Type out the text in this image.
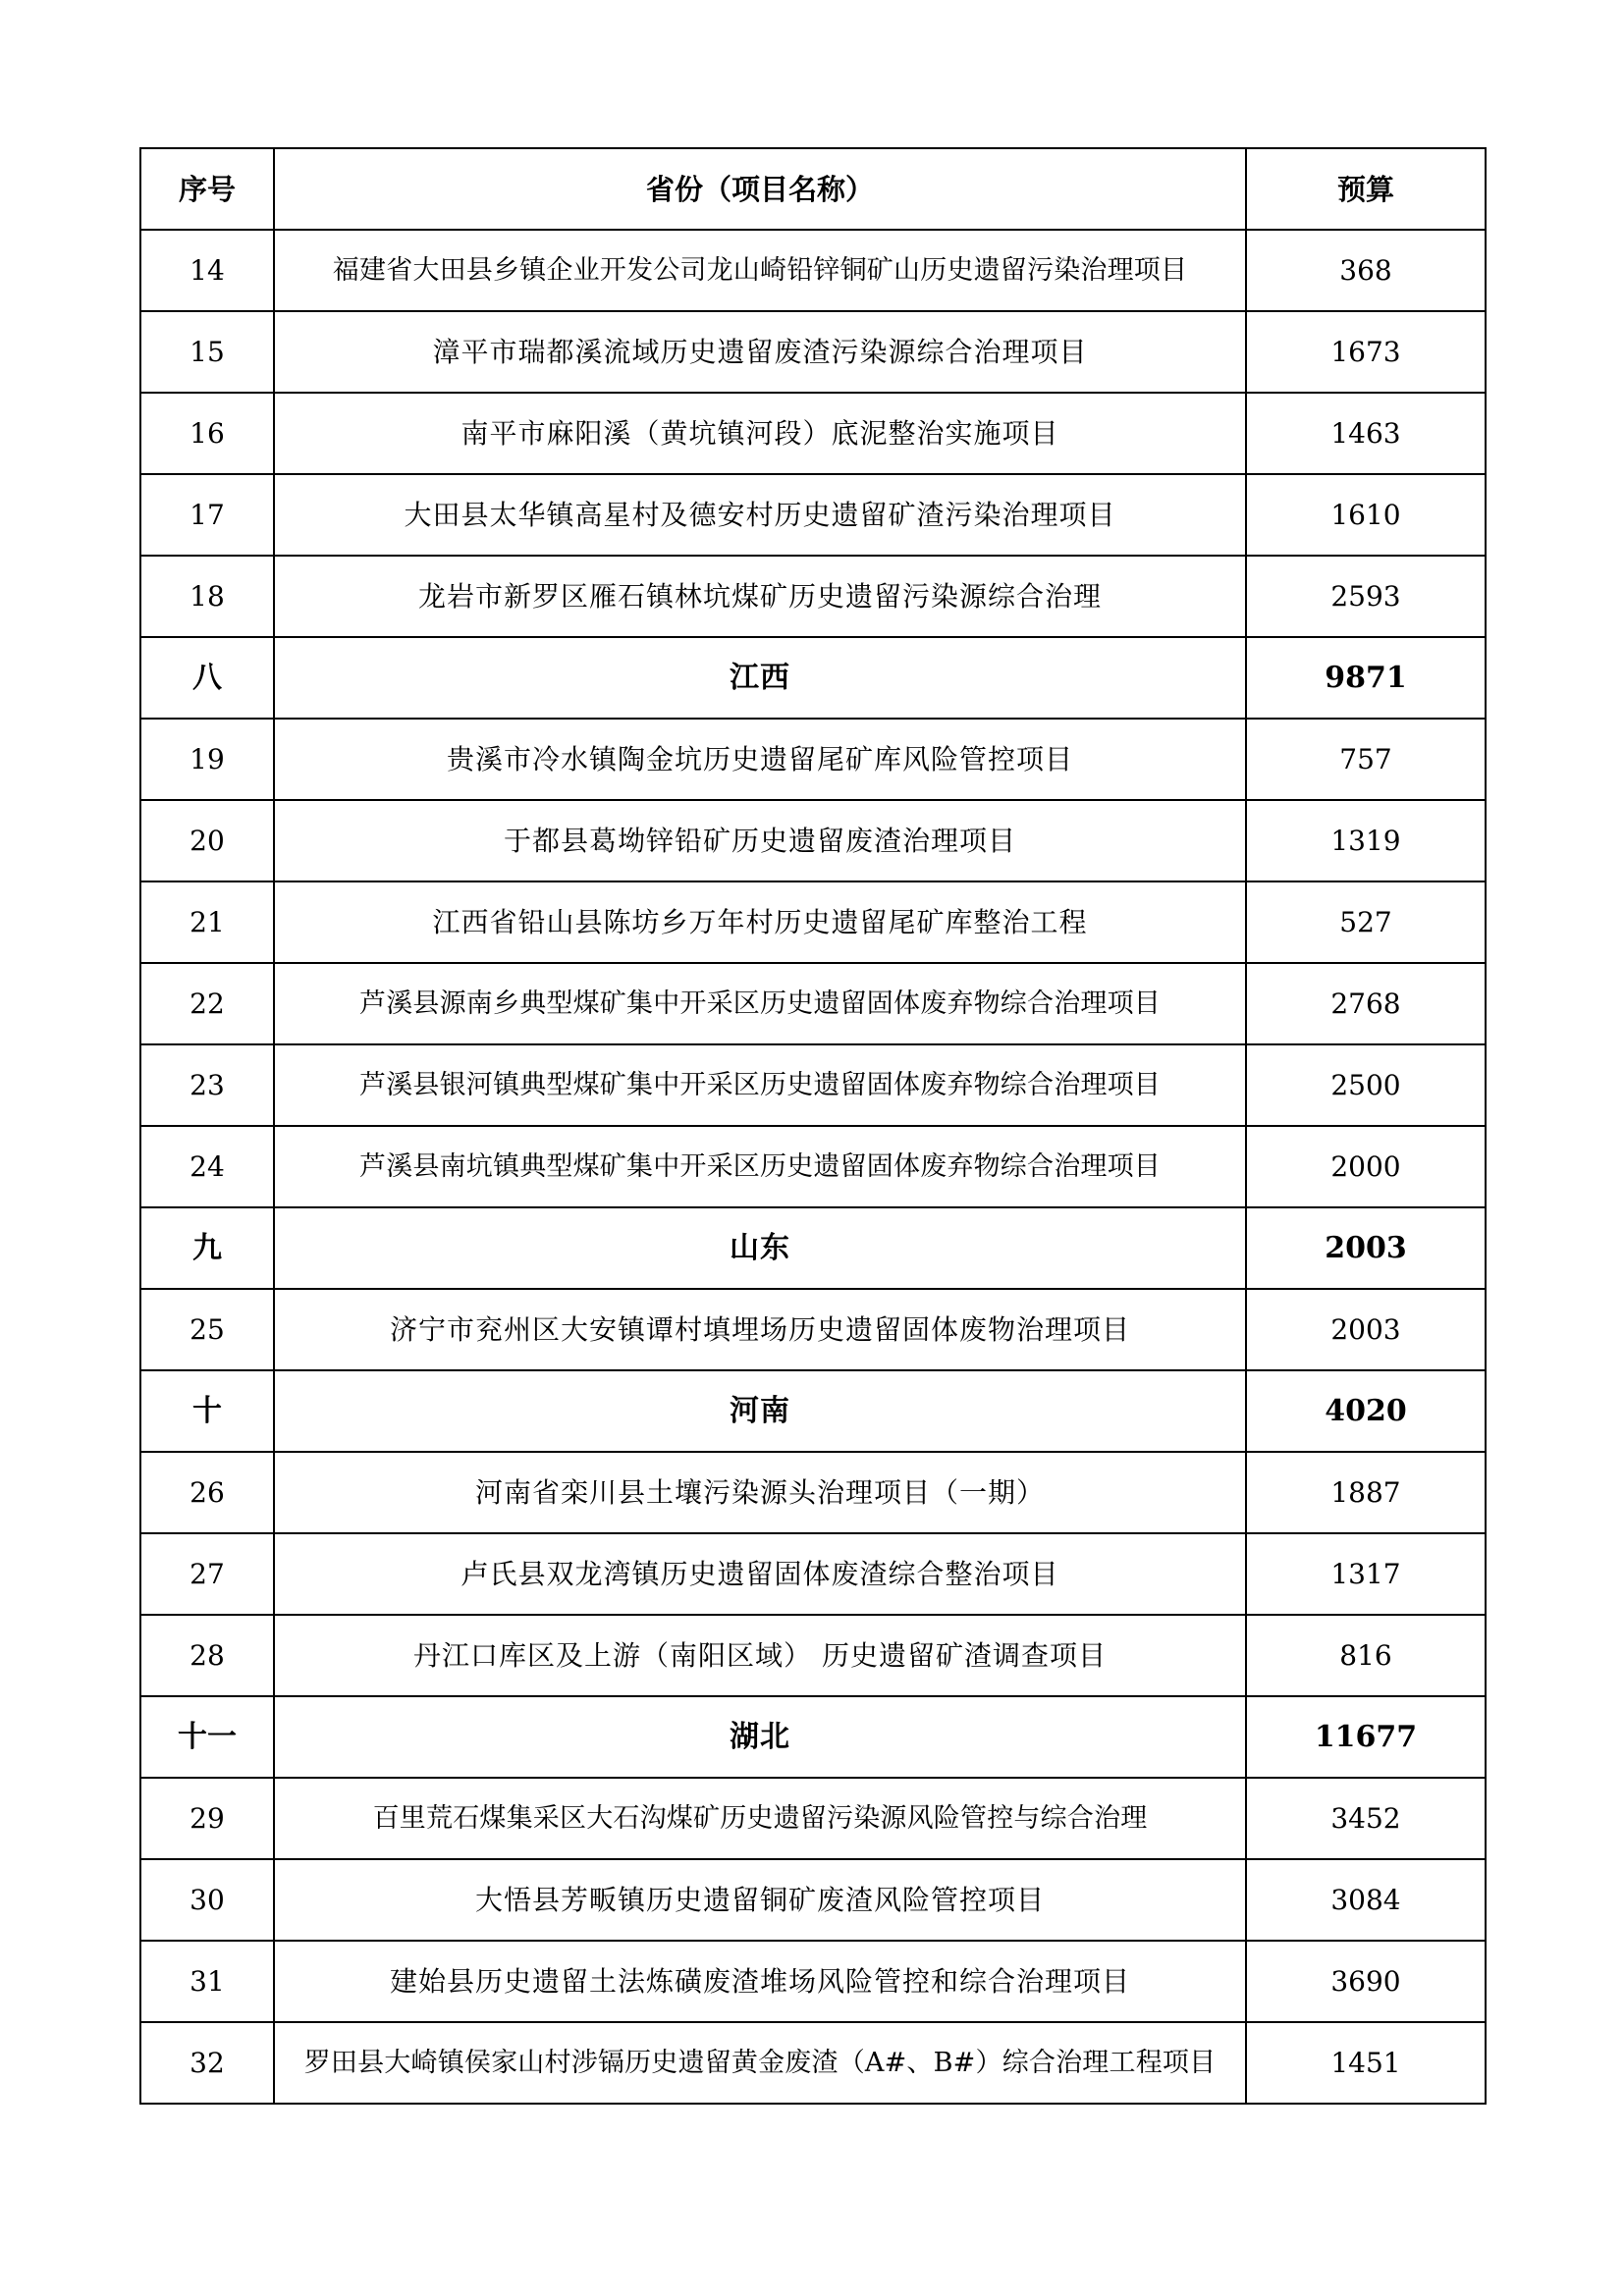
序号	省份（项目名称）	预算
14	福建省大田县乡镇企业开发公司龙山崎铅锌铜矿山历史遗留污染治理项目	368
15	漳平市瑞都溪流域历史遗留废渣污染源综合治理项目	1673
16	南平市麻阳溪（黄坑镇河段）底泥整治实施项目	1463
17	大田县太华镇高星村及德安村历史遗留矿渣污染治理项目	1610
18	龙岩市新罗区雁石镇林坑煤矿历史遗留污染源综合治理	2593
八	江西	9871
19	贵溪市冷水镇陶金坑历史遗留尾矿库风险管控项目	757
20	于都县葛坳锌铅矿历史遗留废渣治理项目	1319
21	江西省铅山县陈坊乡万年村历史遗留尾矿库整治工程	527
22	芦溪县源南乡典型煤矿集中开采区历史遗留固体废弃物综合治理项目	2768
23	芦溪县银河镇典型煤矿集中开采区历史遗留固体废弃物综合治理项目	2500
24	芦溪县南坑镇典型煤矿集中开采区历史遗留固体废弃物综合治理项目	2000
九	山东	2003
25	济宁市兖州区大安镇谭村填埋场历史遗留固体废物治理项目	2003
十	河南	4020
26	河南省栾川县土壤污染源头治理项目（一期）	1887
27	卢氏县双龙湾镇历史遗留固体废渣综合整治项目	1317
28	丹江口库区及上游（南阳区域） 历史遗留矿渣调查项目	816
十一	湖北	11677
29	百里荒石煤集采区大石沟煤矿历史遗留污染源风险管控与综合治理	3452
30	大悟县芳畈镇历史遗留铜矿废渣风险管控项目	3084
31	建始县历史遗留土法炼磺废渣堆场风险管控和综合治理项目	3690
32	罗田县大崎镇侯家山村涉镉历史遗留黄金废渣（A#、B#）综合治理工程项目	1451
